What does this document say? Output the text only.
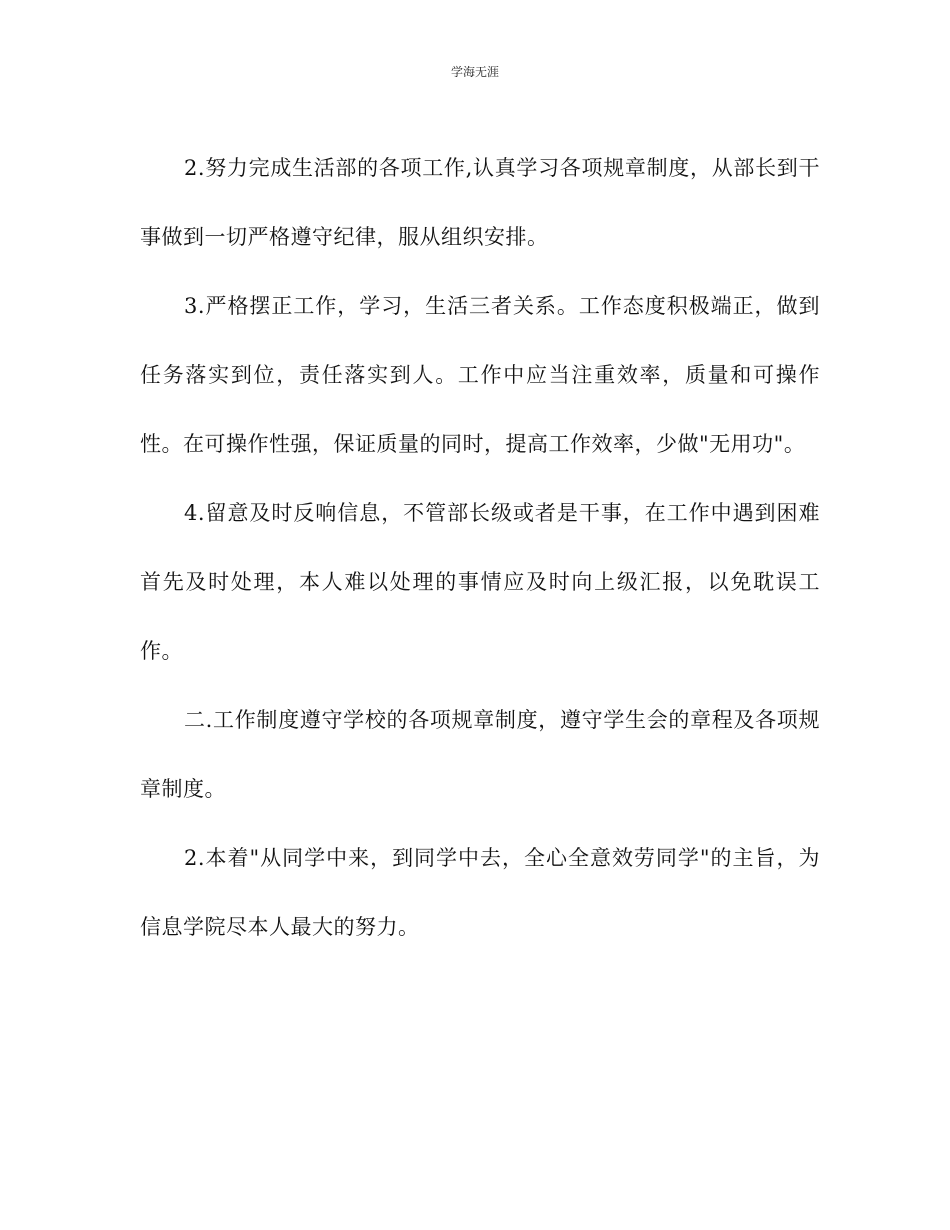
学海无涯

2.努力完成生活部的各项工作,认真学习各项规章制度，从部长到干事做到一切严格遵守纪律，服从组织安排。

3.严格摆正工作，学习，生活三者关系。工作态度积极端正，做到任务落实到位，责任落实到人。工作中应当注重效率，质量和可操作性。在可操作性强，保证质量的同时，提高工作效率，少做"无用功"。

4.留意及时反响信息，不管部长级或者是干事，在工作中遇到困难首先及时处理，本人难以处理的事情应及时向上级汇报，以免耽误工作。

二.工作制度遵守学校的各项规章制度，遵守学生会的章程及各项规章制度。

2.本着"从同学中来，到同学中去，全心全意效劳同学"的主旨，为信息学院尽本人最大的努力。
